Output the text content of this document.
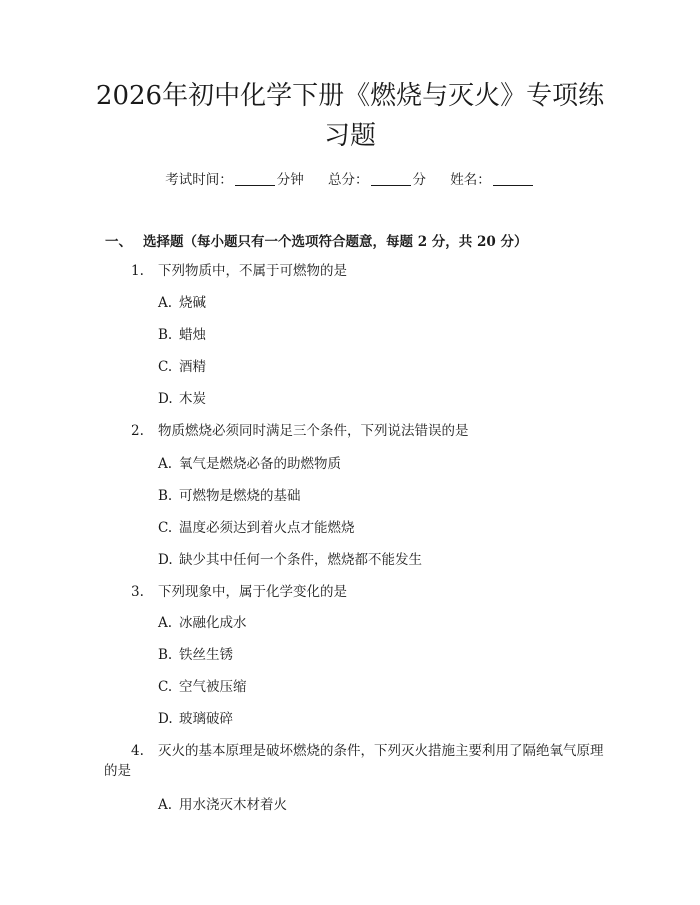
2026年初中化学下册《燃烧与灭火》专项练习题
考试时间：	分钟 总分：	分 姓名：
一、 选择题（每小题只有一个选项符合题意，每题 2 分，共 20 分）
1. 下列物质中，不属于可燃物的是
A. 烧碱
B. 蜡烛
C. 酒精
D. 木炭
2. 物质燃烧必须同时满足三个条件，下列说法错误的是
A. 氧气是燃烧必备的助燃物质
B. 可燃物是燃烧的基础
C. 温度必须达到着火点才能燃烧
D. 缺少其中任何一个条件，燃烧都不能发生
3. 下列现象中，属于化学变化的是
A. 冰融化成水
B. 铁丝生锈
C. 空气被压缩
D. 玻璃破碎
4. 灭火的基本原理是破坏燃烧的条件，下列灭火措施主要利用了隔绝氧气原理的是
A. 用水浇灭木材着火
